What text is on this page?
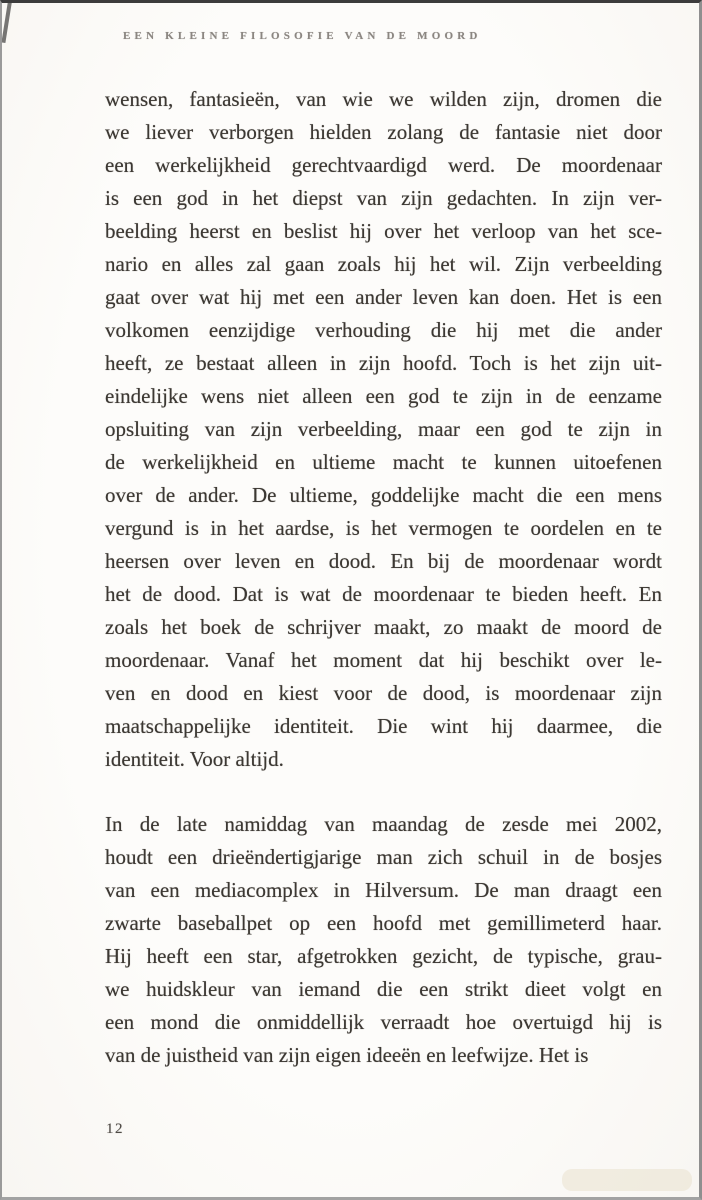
EEN KLEINE FILOSOFIE VAN DE MOORD
wensen, fantasieën, van wie we wilden zijn, dromen die
we liever verborgen hielden zolang de fantasie niet door
een werkelijkheid gerechtvaardigd werd. De moordenaar
is een god in het diepst van zijn gedachten. In zijn ver-
beelding heerst en beslist hij over het verloop van het sce-
nario en alles zal gaan zoals hij het wil. Zijn verbeelding
gaat over wat hij met een ander leven kan doen. Het is een
volkomen eenzijdige verhouding die hij met die ander
heeft, ze bestaat alleen in zijn hoofd. Toch is het zijn uit-
eindelijke wens niet alleen een god te zijn in de eenzame
opsluiting van zijn verbeelding, maar een god te zijn in
de werkelijkheid en ultieme macht te kunnen uitoefenen
over de ander. De ultieme, goddelijke macht die een mens
vergund is in het aardse, is het vermogen te oordelen en te
heersen over leven en dood. En bij de moordenaar wordt
het de dood. Dat is wat de moordenaar te bieden heeft. En
zoals het boek de schrijver maakt, zo maakt de moord de
moordenaar. Vanaf het moment dat hij beschikt over le-
ven en dood en kiest voor de dood, is moordenaar zijn
maatschappelijke identiteit. Die wint hij daarmee, die
identiteit. Voor altijd.
In de late namiddag van maandag de zesde mei 2002,
houdt een drieëndertigjarige man zich schuil in de bosjes
van een mediacomplex in Hilversum. De man draagt een
zwarte baseballpet op een hoofd met gemillimeterd haar.
Hij heeft een star, afgetrokken gezicht, de typische, grau-
we huidskleur van iemand die een strikt dieet volgt en
een mond die onmiddellijk verraadt hoe overtuigd hij is
van de juistheid van zijn eigen ideeën en leefwijze. Het is
12
